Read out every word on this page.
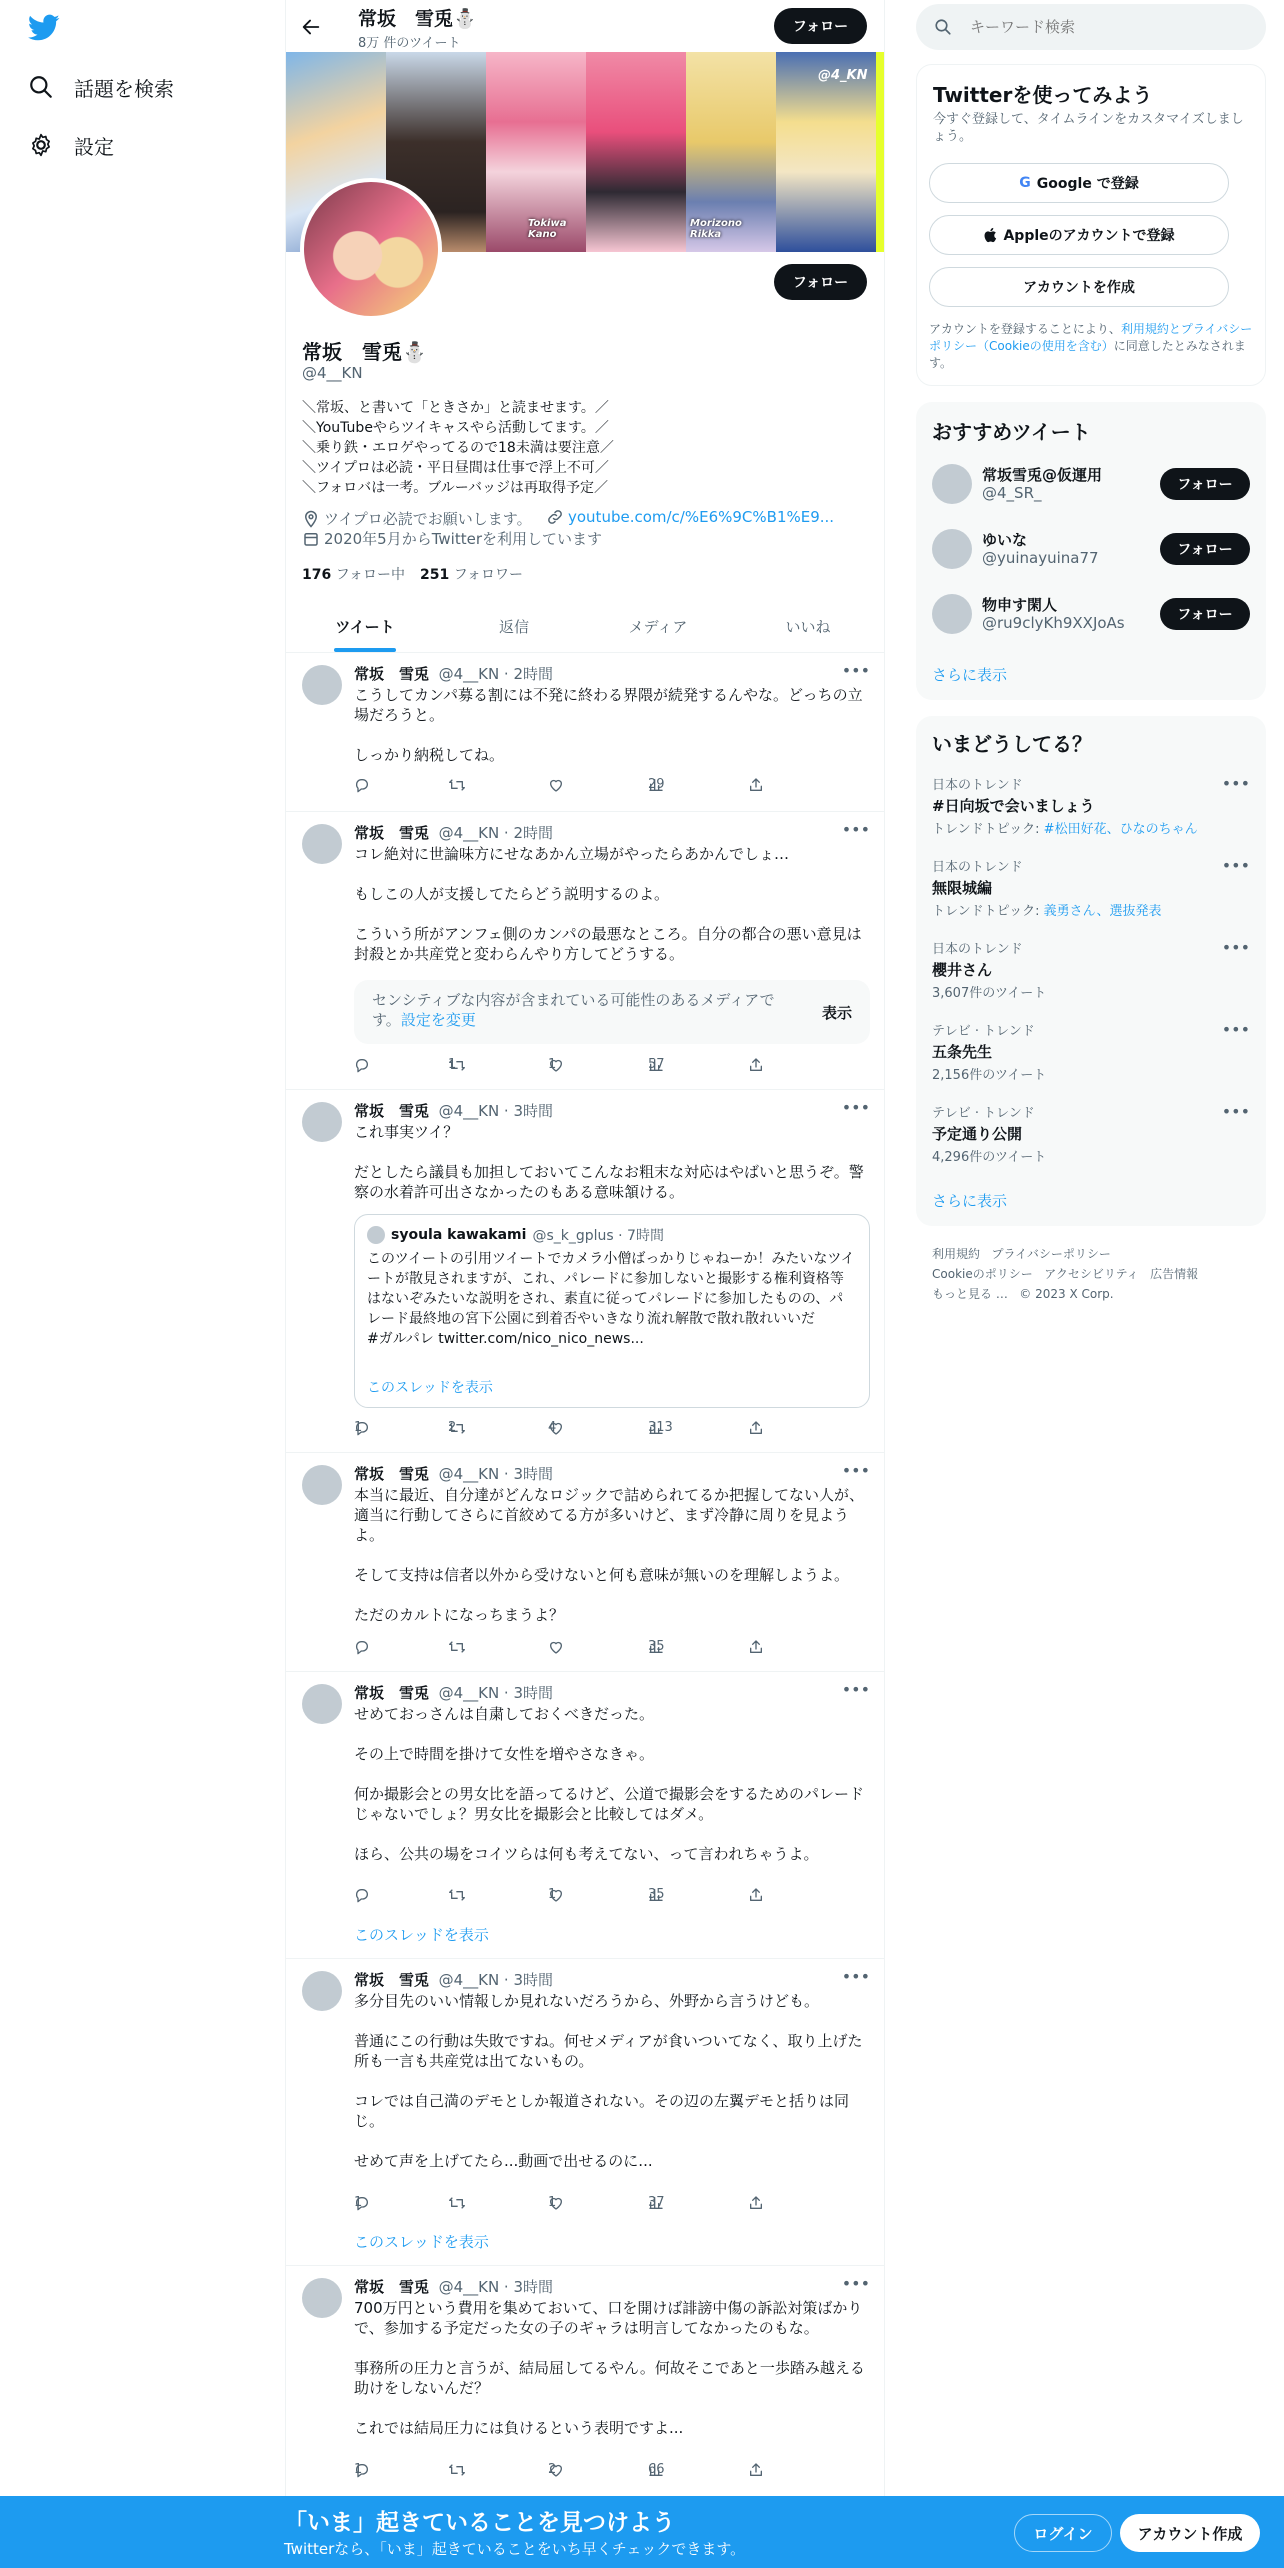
話題を検索
設定
常坂　雪兎⛄
8万 件のツイート
フォロー
Tokiwa Kano
Morizono Rikka
@4_KN
フォロー
常坂　雪兎⛄
@4__KN
＼常坂、と書いて「ときさか」と読ませます。／
＼YouTubeやらツイキャスやら活動してます。／
＼乗り鉄・エロゲやってるので18未満は要注意／
＼ツイプロは必読・平日昼間は仕事で浮上不可／
＼フォロバは一考。ブルーバッジは再取得予定／
ツイプロ必読でお願いします。 youtube.com/c/%E6%9C%B1%E9...
2020年5月からTwitterを利用しています
176 フォロー中 251 フォロワー
ツイート	返信	メディア	いいね
常坂　雪兎 @4__KN · 2時間	•••
こうしてカンパ募る割には不発に終わる界隈が続発するんやな。どっちの立場だろうと。

しっかり納税してね。
29
常坂　雪兎 @4__KN · 2時間	•••
コレ絶対に世論味方にせなあかん立場がやったらあかんでしょ…

もしこの人が支援してたらどう説明するのよ。

こういう所がアンフェ側のカンパの最悪なところ。自分の都合の悪い意見は封殺とか共産党と変わらんやり方してどうする。
センシティブな内容が含まれている可能性のあるメディアです。設定を変更	表示
1	1	57
常坂　雪兎 @4__KN · 3時間	•••
これ事実ツイ？

だとしたら議員も加担しておいてこんなお粗末な対応はやばいと思うぞ。警察の水着許可出さなかったのもある意味頷ける。
syoula kawakami @s_k_gplus · 7時間
このツイートの引用ツイートでカメラ小僧ばっかりじゃねーか！みたいなツイートが散見されますが、これ、パレードに参加しないと撮影する権利資格等はないぞみたいな説明をされ、素直に従ってパレードに参加したものの、パレード最終地の宮下公園に到着否やいきなり流れ解散で散れ散れいいだ
#ガルパレ twitter.com/nico_nico_news...
このスレッドを表示
1	2	4	313
常坂　雪兎 @4__KN · 3時間	•••
本当に最近、自分達がどんなロジックで詰められてるか把握してない人が、適当に行動してさらに首絞めてる方が多いけど、まず冷静に周りを見よう よ。

そして支持は信者以外から受けないと何も意味が無いのを理解しようよ。

ただのカルトになっちまうよ？
35
常坂　雪兎 @4__KN · 3時間	•••
せめておっさんは自粛しておくべきだった。

その上で時間を掛けて女性を増やさなきゃ。

何か撮影会との男女比を語ってるけど、公道で撮影会をするためのパレードじゃないでしょ？男女比を撮影会と比較してはダメ。

ほら、公共の場をコイツらは何も考えてない、って言われちゃうよ。
1	35
このスレッドを表示
常坂　雪兎 @4__KN · 3時間	•••
多分目先のいい情報しか見れないだろうから、外野から言うけども。

普通にこの行動は失敗ですね。何せメディアが食いついてなく、取り上げた所も一言も共産党は出てないもの。

コレでは自己満のデモとしか報道されない。その辺の左翼デモと括りは同じ。

せめて声を上げてたら...動画で出せるのに...
1	1	37
このスレッドを表示
常坂　雪兎 @4__KN · 3時間	•••
700万円という費用を集めておいて、口を開けば誹謗中傷の訴訟対策ばかりで、参加する予定だった女の子のギャラは明言してなかったのもな。

事務所の圧力と言うが、結局屈してるやん。何故そこであと一歩踏み越える助けをしないんだ？

これでは結局圧力には負けるという表明ですよ...
1	2	66
キーワード検索
Twitterを使ってみよう
今すぐ登録して、タイムラインをカスタマイズしましょう。
G Google で登録
Appleのアカウントで登録
アカウントを作成
アカウントを登録することにより、利用規約とプライバシーポリシー（Cookieの使用を含む）に同意したとみなされます。
おすすめツイート
常坂雪兎@仮運用
@4_SR_	フォロー
ゆいな
@yuinayuina77	フォロー
物申す閑人
@ru9clyKh9XXJoAs	フォロー
さらに表示
いまどうしてる？
日本のトレンド
#日向坂で会いましょう
トレンドトピック: #松田好花、ひなのちゃん
•••
日本のトレンド
無限城編
トレンドトピック: 義勇さん、選抜発表
•••
日本のトレンド
櫻井さん
3,607件のツイート
•••
テレビ · トレンド
五条先生
2,156件のツイート
•••
テレビ · トレンド
予定通り公開
4,296件のツイート
•••
さらに表示
利用規約 プライバシーポリシー
Cookieのポリシー アクセシビリティ 広告情報
もっと見る … © 2023 X Corp.
「いま」起きていることを見つけよう
Twitterなら、「いま」起きていることをいち早くチェックできます。
ログイン	アカウント作成
